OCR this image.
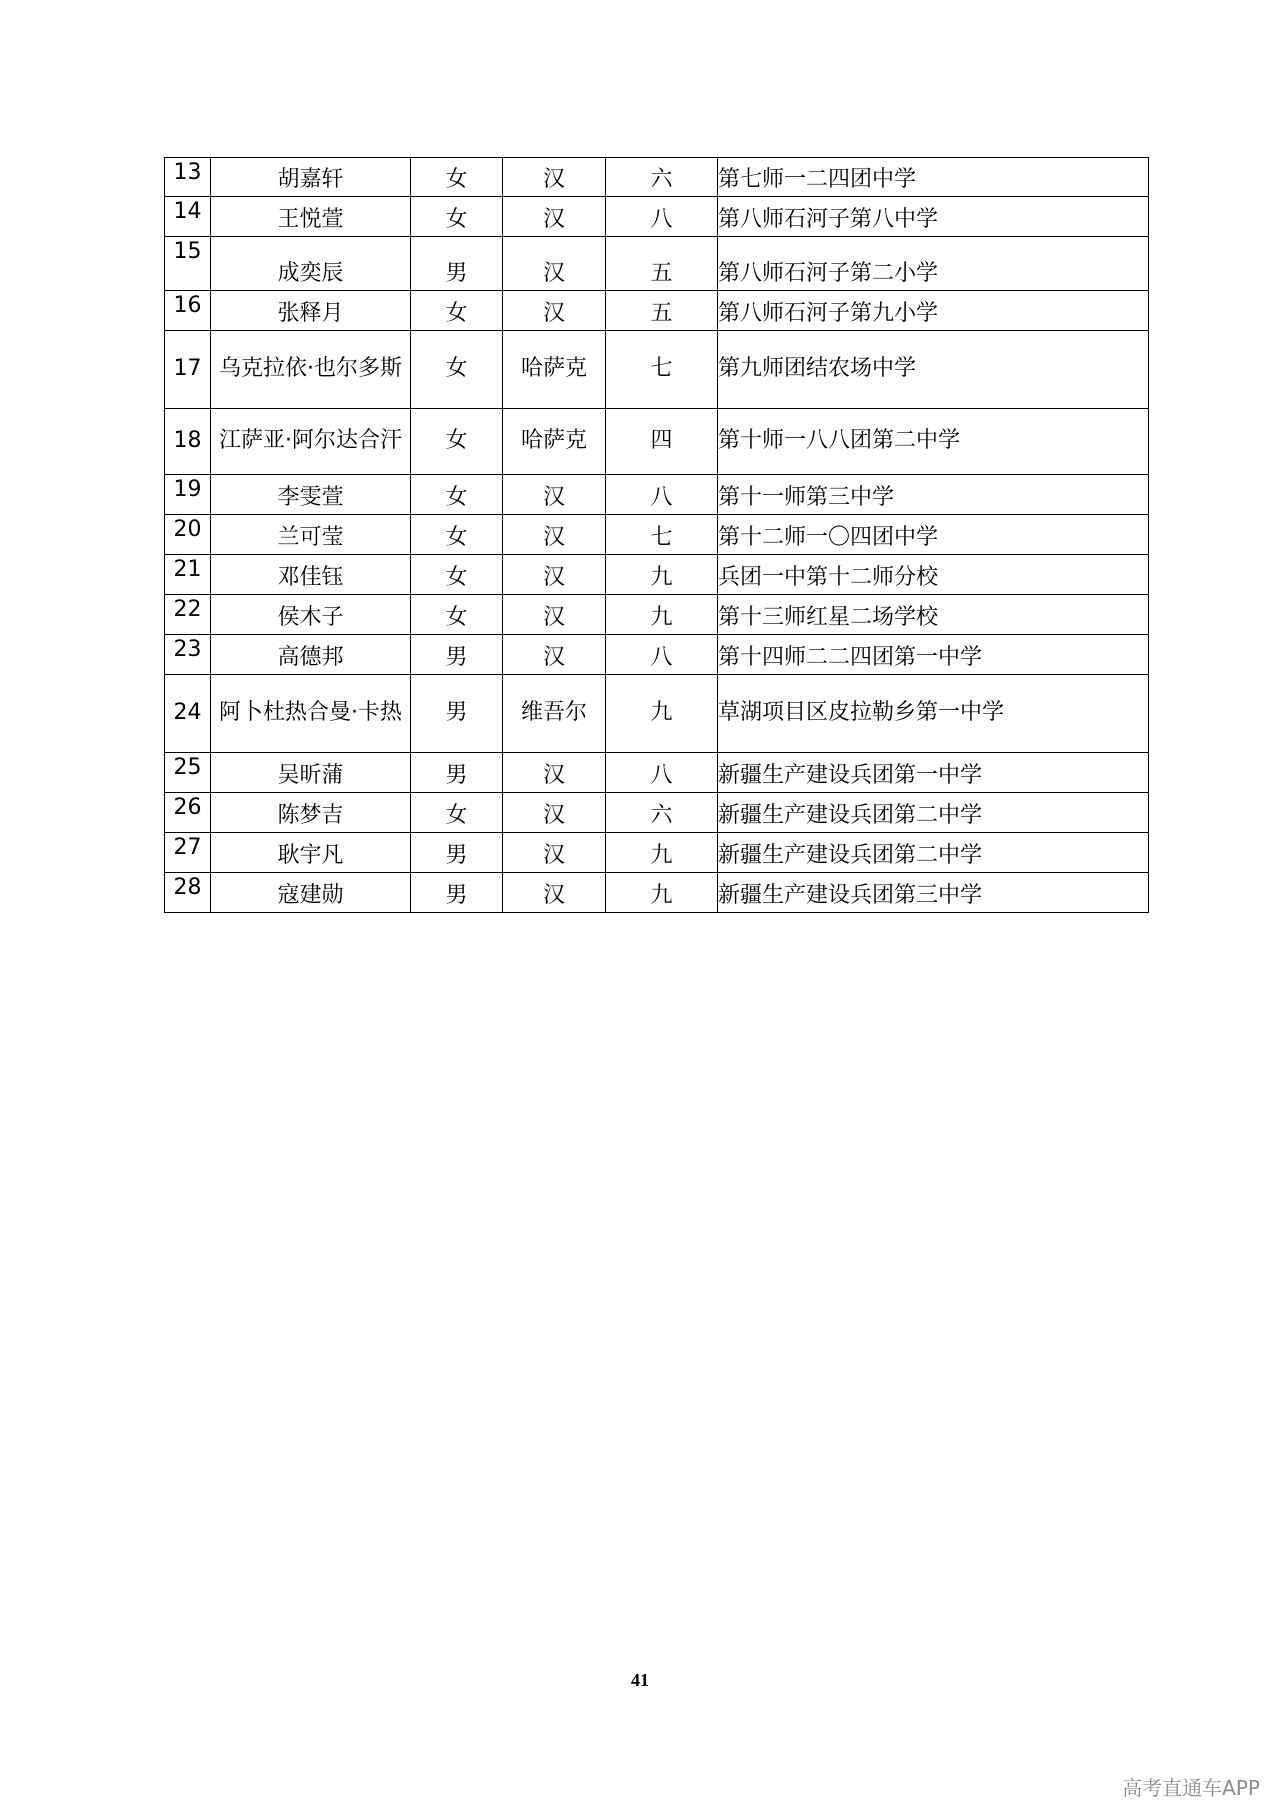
13	胡嘉轩	女	汉	六	第七师一二四团中学
14	王悦萱	女	汉	八	第八师石河子第八中学
15	成奕辰	男	汉	五	第八师石河子第二小学
16	张释月	女	汉	五	第八师石河子第九小学
17	乌克拉依·也尔多斯	女	哈萨克	七	第九师团结农场中学
18	江萨亚·阿尔达合汗	女	哈萨克	四	第十师一八八团第二中学
19	李雯萱	女	汉	八	第十一师第三中学
20	兰可莹	女	汉	七	第十二师一〇四团中学
21	邓佳钰	女	汉	九	兵团一中第十二师分校
22	侯木子	女	汉	九	第十三师红星二场学校
23	高德邦	男	汉	八	第十四师二二四团第一中学
24	阿卜杜热合曼·卡热	男	维吾尔	九	草湖项目区皮拉勒乡第一中学
25	吴昕蒲	男	汉	八	新疆生产建设兵团第一中学
26	陈梦吉	女	汉	六	新疆生产建设兵团第二中学
27	耿宇凡	男	汉	九	新疆生产建设兵团第二中学
28	寇建勋	男	汉	九	新疆生产建设兵团第三中学
41
高考直通车APP
